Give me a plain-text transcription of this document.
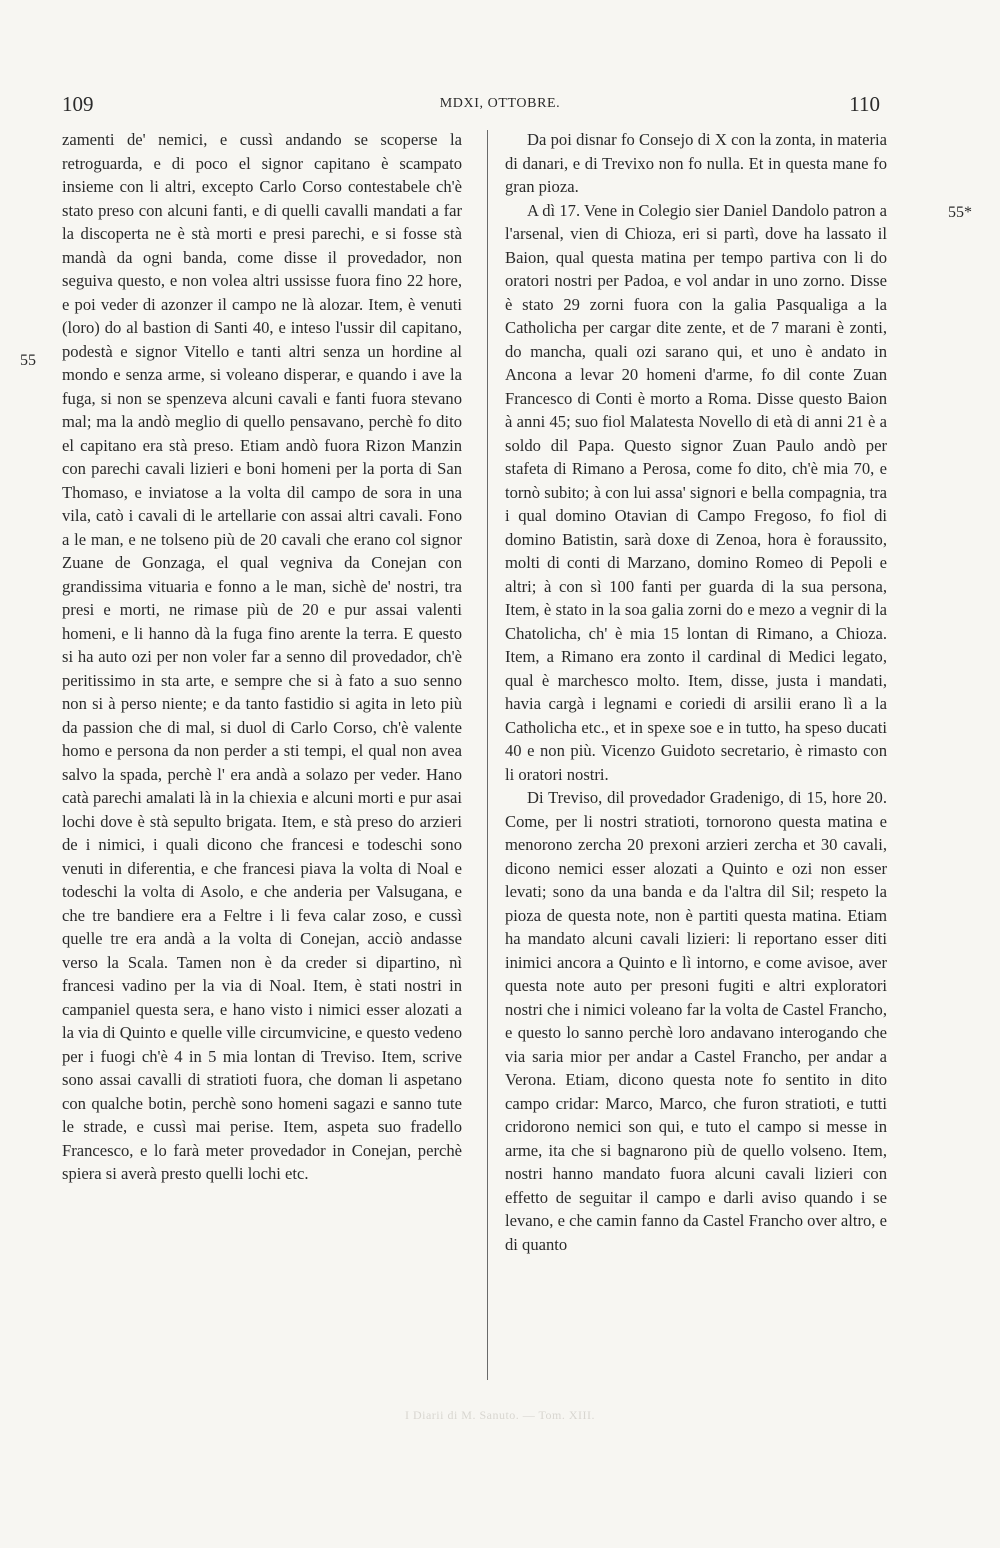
109	MDXI, OTTOBRE.	110
55
55*

zamenti de' nemici, e cussì andando se scoperse la retroguarda, e di poco el signor capitano è scampato insieme con li altri, excepto Carlo Corso contestabele ch'è stato preso con alcuni fanti, e di quelli cavalli mandati a far la discoperta ne è stà morti e presi parechi, e si fosse stà mandà da ogni banda, come disse il provedador, non seguiva questo, e non volea altri ussisse fuora fino 22 hore, e poi veder di azonzer il campo ne là alozar. Item, è venuti (loro) do al bastion di Santi 40, e inteso l'ussir dil capitano, podestà e signor Vitello e tanti altri senza un hordine al mondo e senza arme, si voleano disperar, e quando i ave la fuga, si non se spenzeva alcuni cavali e fanti fuora stevano mal; ma la andò meglio di quello pensavano, perchè fo dito el capitano era stà preso. Etiam andò fuora Rizon Manzin con parechi cavali lizieri e boni homeni per la porta di San Thomaso, e inviatose a la volta dil campo de sora in una vila, catò i cavali di le artellarie con assai altri cavali. Fono a le man, e ne tolseno più de 20 cavali che erano col signor Zuane de Gonzaga, el qual vegniva da Conejan con grandissima vituaria e fonno a le man, sichè de' nostri, tra presi e morti, ne rimase più de 20 e pur assai valenti homeni, e li hanno dà la fuga fino arente la terra. E questo si ha auto ozi per non voler far a senno dil provedador, ch'è peritissimo in sta arte, e sempre che si à fato a suo senno non si à perso niente; e da tanto fastidio si agita in leto più da passion che di mal, si duol di Carlo Corso, ch'è valente homo e persona da non perder a sti tempi, el qual non avea salvo la spada, perchè l' era andà a solazo per veder. Hano catà parechi amalati là in la chiexia e alcuni morti e pur asai lochi dove è stà sepulto brigata. Item, e stà preso do arzieri de i nimici, i quali dicono che francesi e todeschi sono venuti in diferentia, e che francesi piava la volta di Noal e todeschi la volta di Asolo, e che anderia per Valsugana, e che tre bandiere era a Feltre i li feva calar zoso, e cussì quelle tre era andà a la volta di Conejan, acciò andasse verso la Scala. Tamen non è da creder si dipartino, nì francesi vadino per la via di Noal. Item, è stati nostri in campaniel questa sera, e hano visto i nimici esser alozati a la via di Quinto e quelle ville circumvicine, e questo vedeno per i fuogi ch'è 4 in 5 mia lontan di Treviso. Item, scrive sono assai cavalli di stratioti fuora, che doman li aspetano con qualche botin, perchè sono homeni sagazi e sanno tute le strade, e cussì mai perise. Item, aspeta suo fradello Francesco, e lo farà meter provedador in Conejan, perchè spiera si averà presto quelli lochi etc.

Da poi disnar fo Consejo di X con la zonta, in materia di danari, e di Trevixo non fo nulla. Et in questa mane fo gran pioza.

A dì 17. Vene in Colegio sier Daniel Dandolo patron a l'arsenal, vien di Chioza, eri si partì, dove ha lassato il Baion, qual questa matina per tempo partiva con li do oratori nostri per Padoa, e vol andar in uno zorno. Disse è stato 29 zorni fuora con la galia Pasqualiga a la Catholicha per cargar dite zente, et de 7 marani è zonti, do mancha, quali ozi sarano qui, et uno è andato in Ancona a levar 20 homeni d'arme, fo dil conte Zuan Francesco di Conti è morto a Roma. Disse questo Baion à anni 45; suo fiol Malatesta Novello di età di anni 21 è a soldo dil Papa. Questo signor Zuan Paulo andò per stafeta di Rimano a Perosa, come fo dito, ch'è mia 70, e tornò subito; à con lui assa' signori e bella compagnia, tra i qual domino Otavian di Campo Fregoso, fo fiol di domino Batistin, sarà doxe di Zenoa, hora è foraussito, molti di conti di Marzano, domino Romeo di Pepoli e altri; à con sì 100 fanti per guarda di la sua persona, Item, è stato in la soa galia zorni do e mezo a vegnir di la Chatolicha, ch' è mia 15 lontan di Rimano, a Chioza. Item, a Rimano era zonto il cardinal di Medici legato, qual è marchesco molto. Item, disse, justa i mandati, havia cargà i legnami e coriedi di arsilii erano lì a la Catholicha etc., et in spexe soe e in tutto, ha speso ducati 40 e non più. Vicenzo Guidoto secretario, è rimasto con li oratori nostri.

Di Treviso, dil provedador Gradenigo, di 15, hore 20. Come, per li nostri stratioti, tornorono questa matina e menorono zercha 20 prexoni arzieri zercha et 30 cavali, dicono nemici esser alozati a Quinto e ozi non esser levati; sono da una banda e da l'altra dil Sil; respeto la pioza de questa note, non è partiti questa matina. Etiam ha mandato alcuni cavali lizieri: li reportano esser diti inimici ancora a Quinto e lì intorno, e come avisoe, aver questa note auto per presoni fugiti e altri exploratori nostri che i nimici voleano far la volta de Castel Francho, e questo lo sanno perchè loro andavano interogando che via saria mior per andar a Castel Francho, per andar a Verona. Etiam, dicono questa note fo sentito in dito campo cridar: Marco, Marco, che furon stratioti, e tutti cridorono nemici son qui, e tuto el campo si messe in arme, ita che si bagnarono più de quello volseno. Item, nostri hanno mandato fuora alcuni cavali lizieri con effetto de seguitar il campo e darli aviso quando i se levano, e che camin fanno da Castel Francho over altro, e di quanto

I Diarii di M. Sanuto. — Tom. XIII.
